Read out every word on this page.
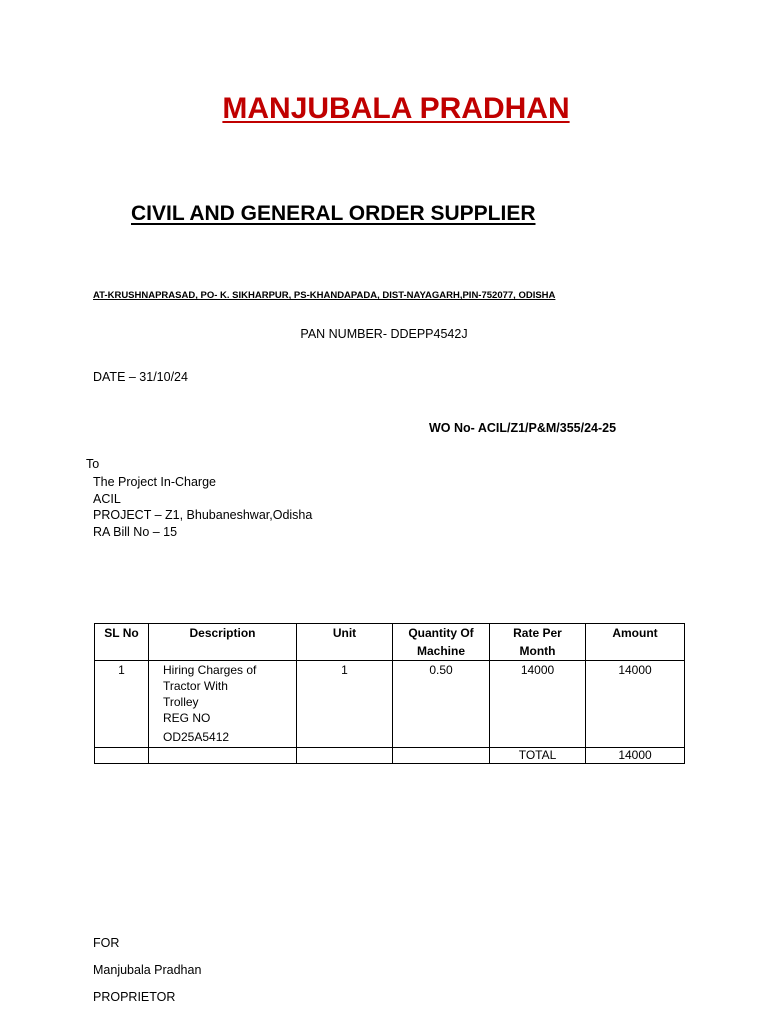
MANJUBALA PRADHAN
CIVIL AND GENERAL ORDER SUPPLIER
AT-KRUSHNAPRASAD, PO- K. SIKHARPUR, PS-KHANDAPADA, DIST-NAYAGARH,PIN-752077, ODISHA
PAN NUMBER- DDEPP4542J
DATE – 31/10/24
WO No- ACIL/Z1/P&M/355/24-25
To
The Project In-Charge
ACIL
PROJECT – Z1, Bhubaneshwar,Odisha
RA Bill No – 15
SL No	Description	Unit	Quantity Of Machine	Rate Per Month	Amount
1	Hiring Charges of
Tractor With
Trolley
REG NO
OD25A5412	1	0.50	14000	14000
				TOTAL	14000
FOR
Manjubala Pradhan
PROPRIETOR
